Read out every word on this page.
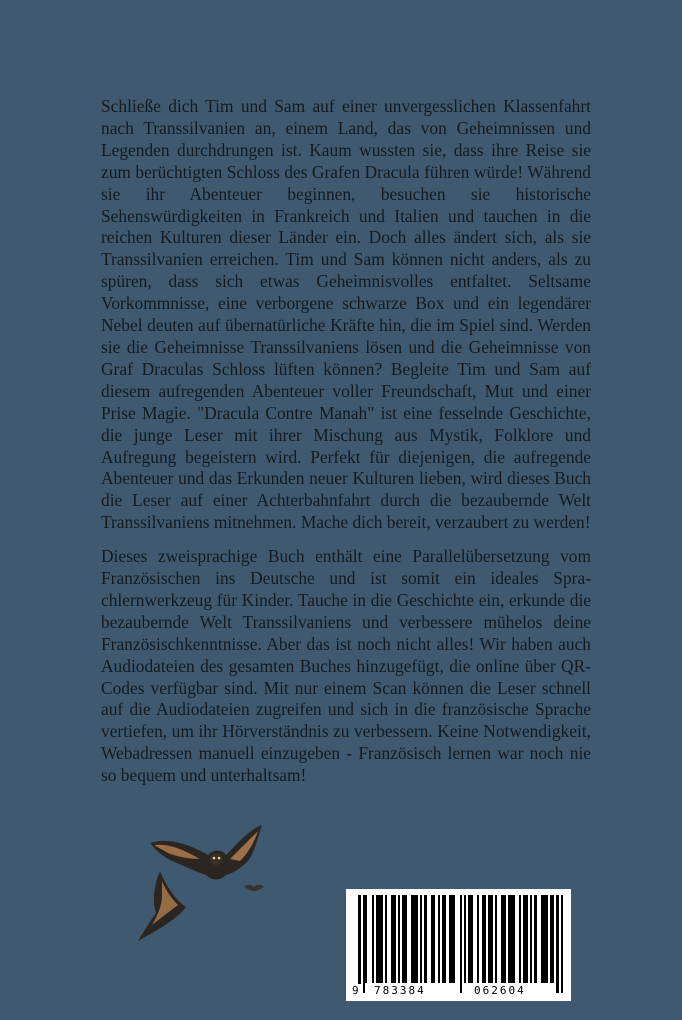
Schließe dich Tim und Sam auf einer unvergesslichen Klassenfahrt nach Transsilvanien an, einem Land, das von Geheimnissen und Legenden durchdrungen ist. Kaum wussten sie, dass ihre Reise sie zum berüchtigten Schloss des Grafen Dracula führen würde! Während sie ihr Abenteuer beginnen, besuchen sie historische Sehenswürdigkeiten in Frankreich und Italien und tauchen in die reichen Kulturen dieser Länder ein. Doch alles ändert sich, als sie Transsilvanien erreichen. Tim und Sam können nicht anders, als zu spüren, dass sich etwas Geheimnisvolles entfaltet. Seltsame Vorkommnisse, eine verborgene schwarze Box und ein legendärer Nebel deuten auf übernatürliche Kräfte hin, die im Spiel sind. Werden sie die Geheimnisse Transsilvaniens lösen und die Geheimnisse von Graf Draculas Schloss lüften können? Begleite Tim und Sam auf diesem aufregenden Abenteuer voller Freundschaft, Mut und einer Prise Magie. "Dracula Contre Manah" ist eine fesselnde Geschichte, die junge Leser mit ihrer Mischung aus Mystik, Folklore und Aufregung begeistern wird. Perfekt für diejenigen, die aufregende Abenteuer und das Erkunden neuer Kulturen lieben, wird dieses Buch die Leser auf einer Achterbahnfahrt durch die bezaubernde Welt Transsilvaniens mitnehmen. Mache dich bereit, verzaubert zu werden!

Dieses zweisprachige Buch enthält eine Parallelübersetzung vom Französischen ins Deutsche und ist somit ein ideales Sprachlernwerkzeug für Kinder. Tauche in die Geschichte ein, erkunde die bezaubernde Welt Transsilvaniens und verbessere mühelos deine Französischkenntnisse. Aber das ist noch nicht alles! Wir haben auch Audiodateien des gesamten Buches hinzugefügt, die online über QR-Codes verfügbar sind. Mit nur einem Scan können die Leser schnell auf die Audiodateien zugreifen und sich in die französische Sprache vertiefen, um ihr Hörverständnis zu verbessern. Keine Notwendigkeit, Webadressen manuell einzugeben - Französisch lernen war noch nie so bequem und unterhaltsam!

9 783384	062604
